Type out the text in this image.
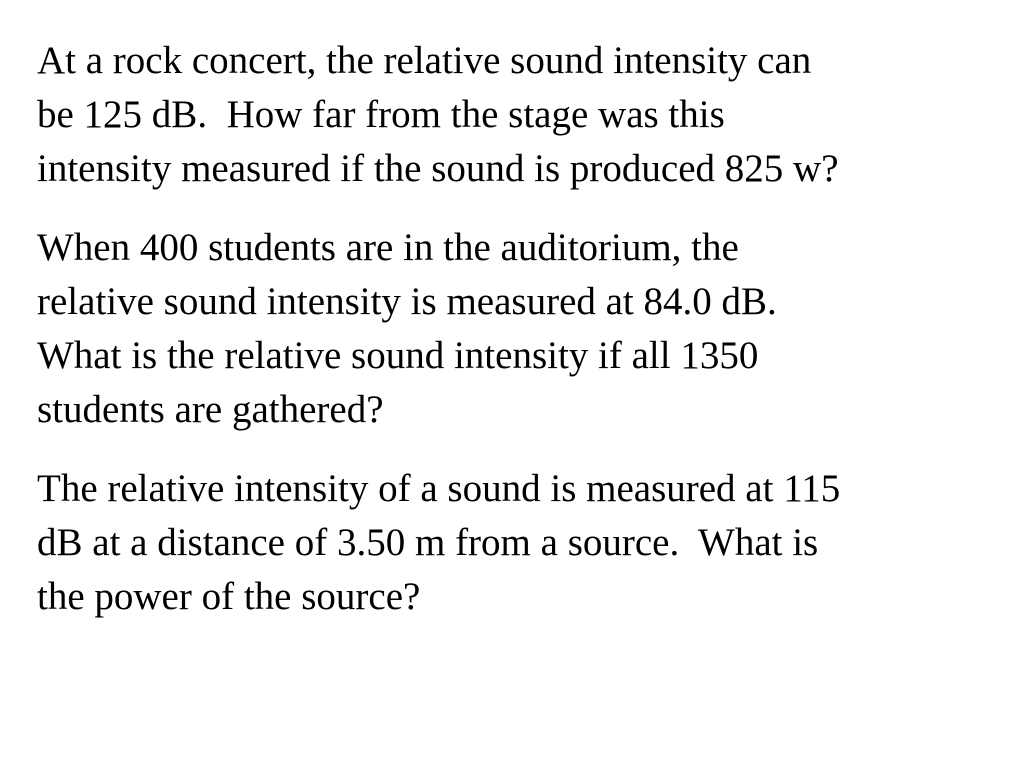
At a rock concert, the relative sound intensity can
be 125 dB.  How far from the stage was this
intensity measured if the sound is produced 825 w?

When 400 students are in the auditorium, the
relative sound intensity is measured at 84.0 dB.
What is the relative sound intensity if all 1350
students are gathered?

The relative intensity of a sound is measured at 115
dB at a distance of 3.50 m from a source.  What is
the power of the source?
